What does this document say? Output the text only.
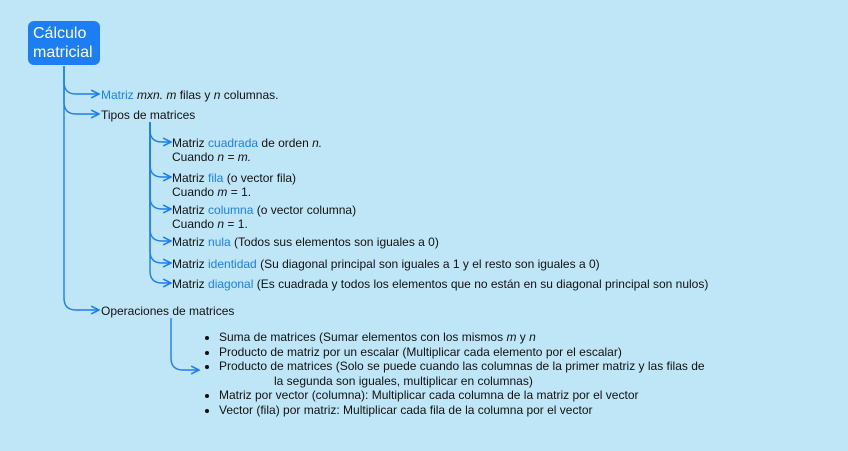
Cálculo
matricial
Matriz mxn. m filas y n columnas.
Tipos de matrices
Matriz cuadrada de orden n.
Cuando n = m.
Matriz fila (o vector fila)
Cuando m = 1.
Matriz columna (o vector columna)
Cuando n = 1.
Matriz nula (Todos sus elementos son iguales a 0)
Matriz identidad (Su diagonal principal son iguales a 1 y el resto son iguales a 0)
Matriz diagonal (Es cuadrada y todos los elementos que no están en su diagonal principal son nulos)
Operaciones de matrices
• Suma de matrices (Sumar elementos con los mismos m y n
• Producto de matriz por un escalar (Multiplicar cada elemento por el escalar)
• Producto de matrices (Solo se puede cuando las columnas de la primer matriz y las filas de
la segunda son iguales, multiplicar en columnas)
• Matriz por vector (columna): Multiplicar cada columna de la matriz por el vector
• Vector (fila) por matriz: Multiplicar cada fila de la columna por el vector
